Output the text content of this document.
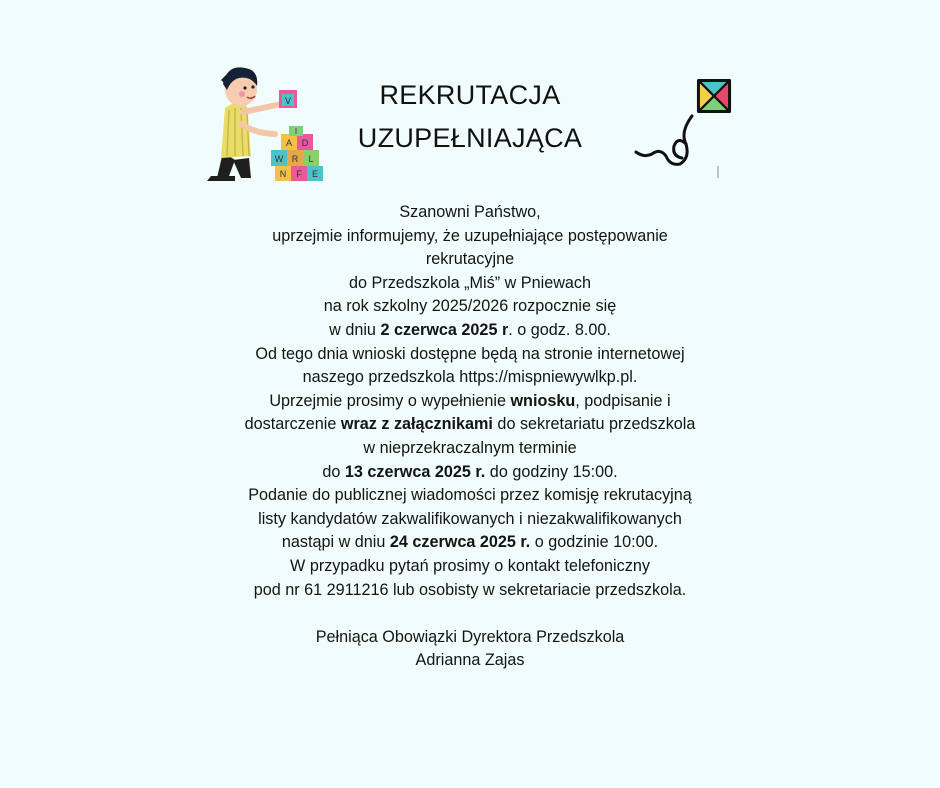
V
A D
I
W R L
N F E
REKRUTACJA
UZUPEŁNIAJĄCA

Szanowni Państwo,

uprzejmie informujemy, że uzupełniające postępowanie

rekrutacyjne

do Przedszkola „Miś” w Pniewach

na rok szkolny 2025/2026 rozpocznie się

w dniu 2 czerwca 2025 r. o godz. 8.00.

Od tego dnia wnioski dostępne będą na stronie internetowej

naszego przedszkola https://mispniewywlkp.pl.

Uprzejmie prosimy o wypełnienie wniosku, podpisanie i

dostarczenie wraz z załącznikami do sekretariatu przedszkola

w nieprzekraczalnym terminie

do 13 czerwca 2025 r. do godziny 15:00.

Podanie do publicznej wiadomości przez komisję rekrutacyjną

listy kandydatów zakwalifikowanych i niezakwalifikowanych

nastąpi w dniu 24 czerwca 2025 r. o godzinie 10:00.

W przypadku pytań prosimy o kontakt telefoniczny

pod nr 61 2911216 lub osobisty w sekretariacie przedszkola.

Pełniąca Obowiązki Dyrektora Przedszkola

Adrianna Zajas
